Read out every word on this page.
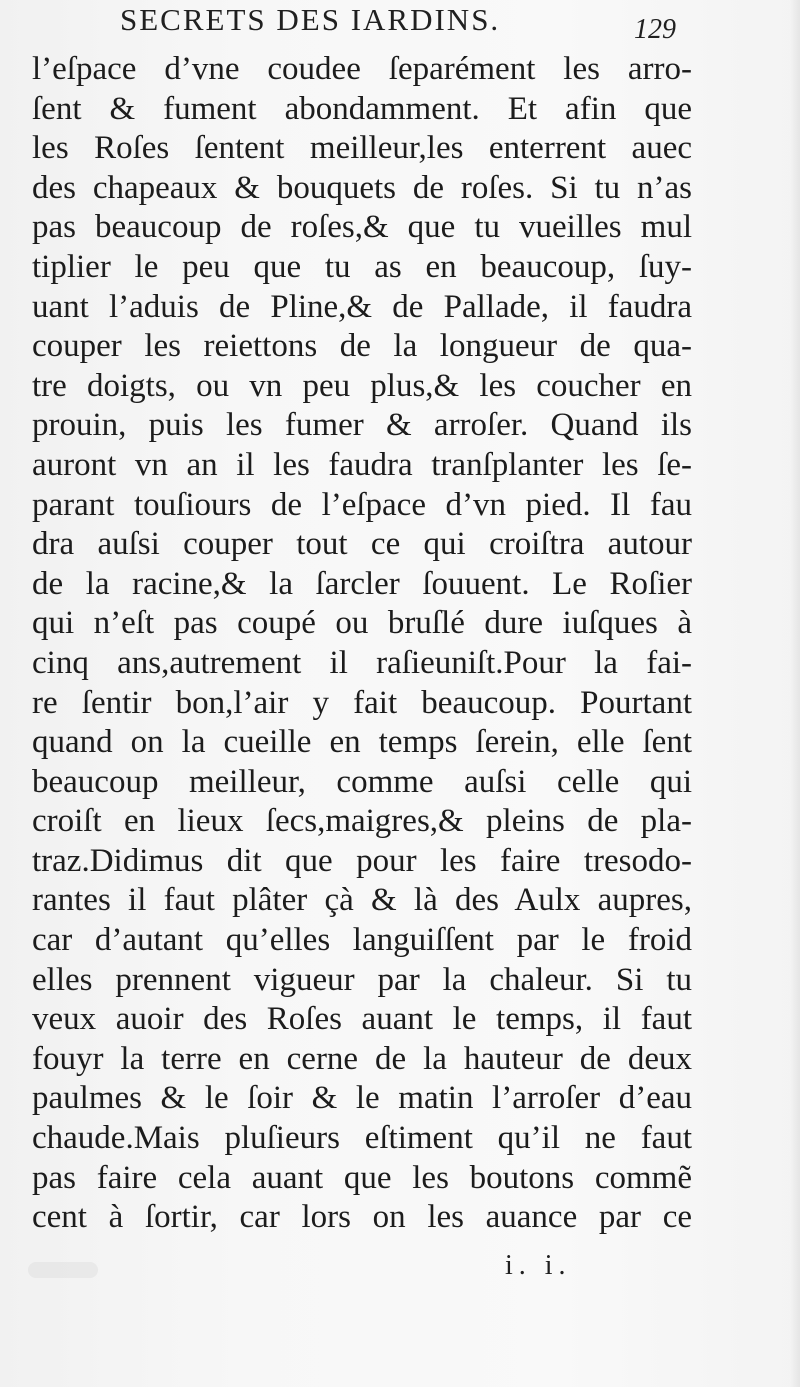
SECRETS DES IARDINS.	129
l’eſpace d’vne coudee ſeparément les arro-
ſent & fument abondamment. Et afin que
les Roſes ſentent meilleur,les enterrent auec
des chapeaux & bouquets de roſes. Si tu n’as
pas beaucoup de roſes,& que tu vueilles mul
tiplier le peu que tu as en beaucoup, ſuy-
uant l’aduis de Pline,& de Pallade, il faudra
couper les reiettons de la longueur de qua-
tre doigts, ou vn peu plus,& les coucher en
prouin, puis les fumer & arroſer. Quand ils
auront vn an il les faudra tranſplanter les ſe-
parant touſiours de l’eſpace d’vn pied. Il fau
dra auſsi couper tout ce qui croiſtra autour
de la racine,& la ſarcler ſouuent. Le Roſier
qui n’eſt pas coupé ou bruſlé dure iuſques à
cinq ans,autrement il raſieuniſt.Pour la fai-
re ſentir bon,l’air y fait beaucoup. Pourtant
quand on la cueille en temps ſerein, elle ſent
beaucoup meilleur, comme auſsi celle qui
croiſt en lieux ſecs,maigres,& pleins de pla-
traz.Didimus dit que pour les faire tresodo-
rantes il faut plâter çà & là des Aulx aupres,
car d’autant qu’elles languiſſent par le froid
elles prennent vigueur par la chaleur. Si tu
veux auoir des Roſes auant le temps, il faut
fouyr la terre en cerne de la hauteur de deux
paulmes & le ſoir & le matin l’arroſer d’eau
chaude.Mais pluſieurs eſtiment qu’il ne faut
pas faire cela auant que les boutons commẽ
cent à ſortir, car lors on les auance par ce
i. i.
